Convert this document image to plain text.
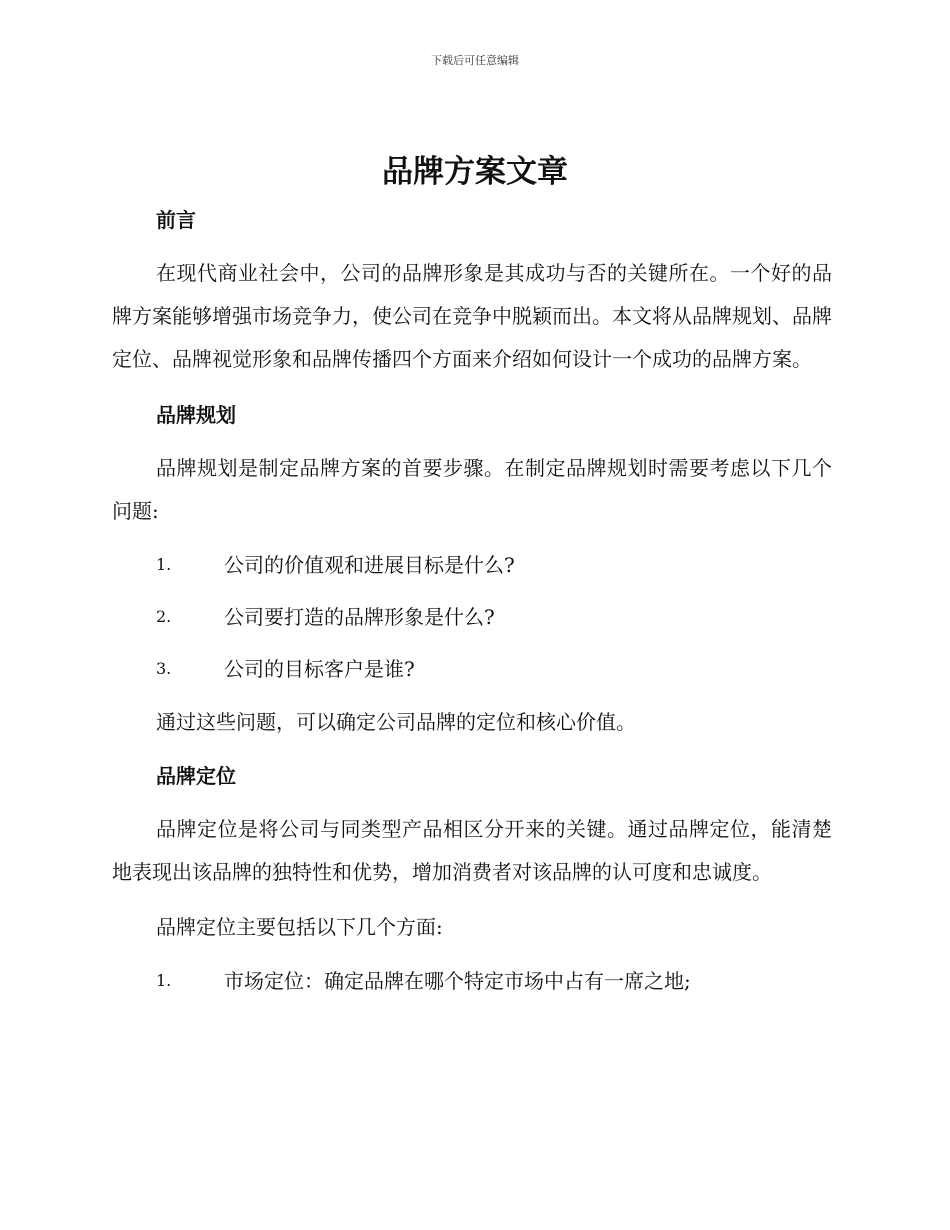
下载后可任意编辑
品牌方案文章
前言

在现代商业社会中，公司的品牌形象是其成功与否的关键所在。一个好的品牌方案能够增强市场竞争力，使公司在竞争中脱颖而出。本文将从品牌规划、品牌定位、品牌视觉形象和品牌传播四个方面来介绍如何设计一个成功的品牌方案。

品牌规划

品牌规划是制定品牌方案的首要步骤。在制定品牌规划时需要考虑以下几个问题:

1.	公司的价值观和进展目标是什么?
2.	公司要打造的品牌形象是什么?
3.	公司的目标客户是谁?

通过这些问题，可以确定公司品牌的定位和核心价值。

品牌定位

品牌定位是将公司与同类型产品相区分开来的关键。通过品牌定位，能清楚地表现出该品牌的独特性和优势，增加消费者对该品牌的认可度和忠诚度。

品牌定位主要包括以下几个方面:

1.	市场定位：确定品牌在哪个特定市场中占有一席之地;
